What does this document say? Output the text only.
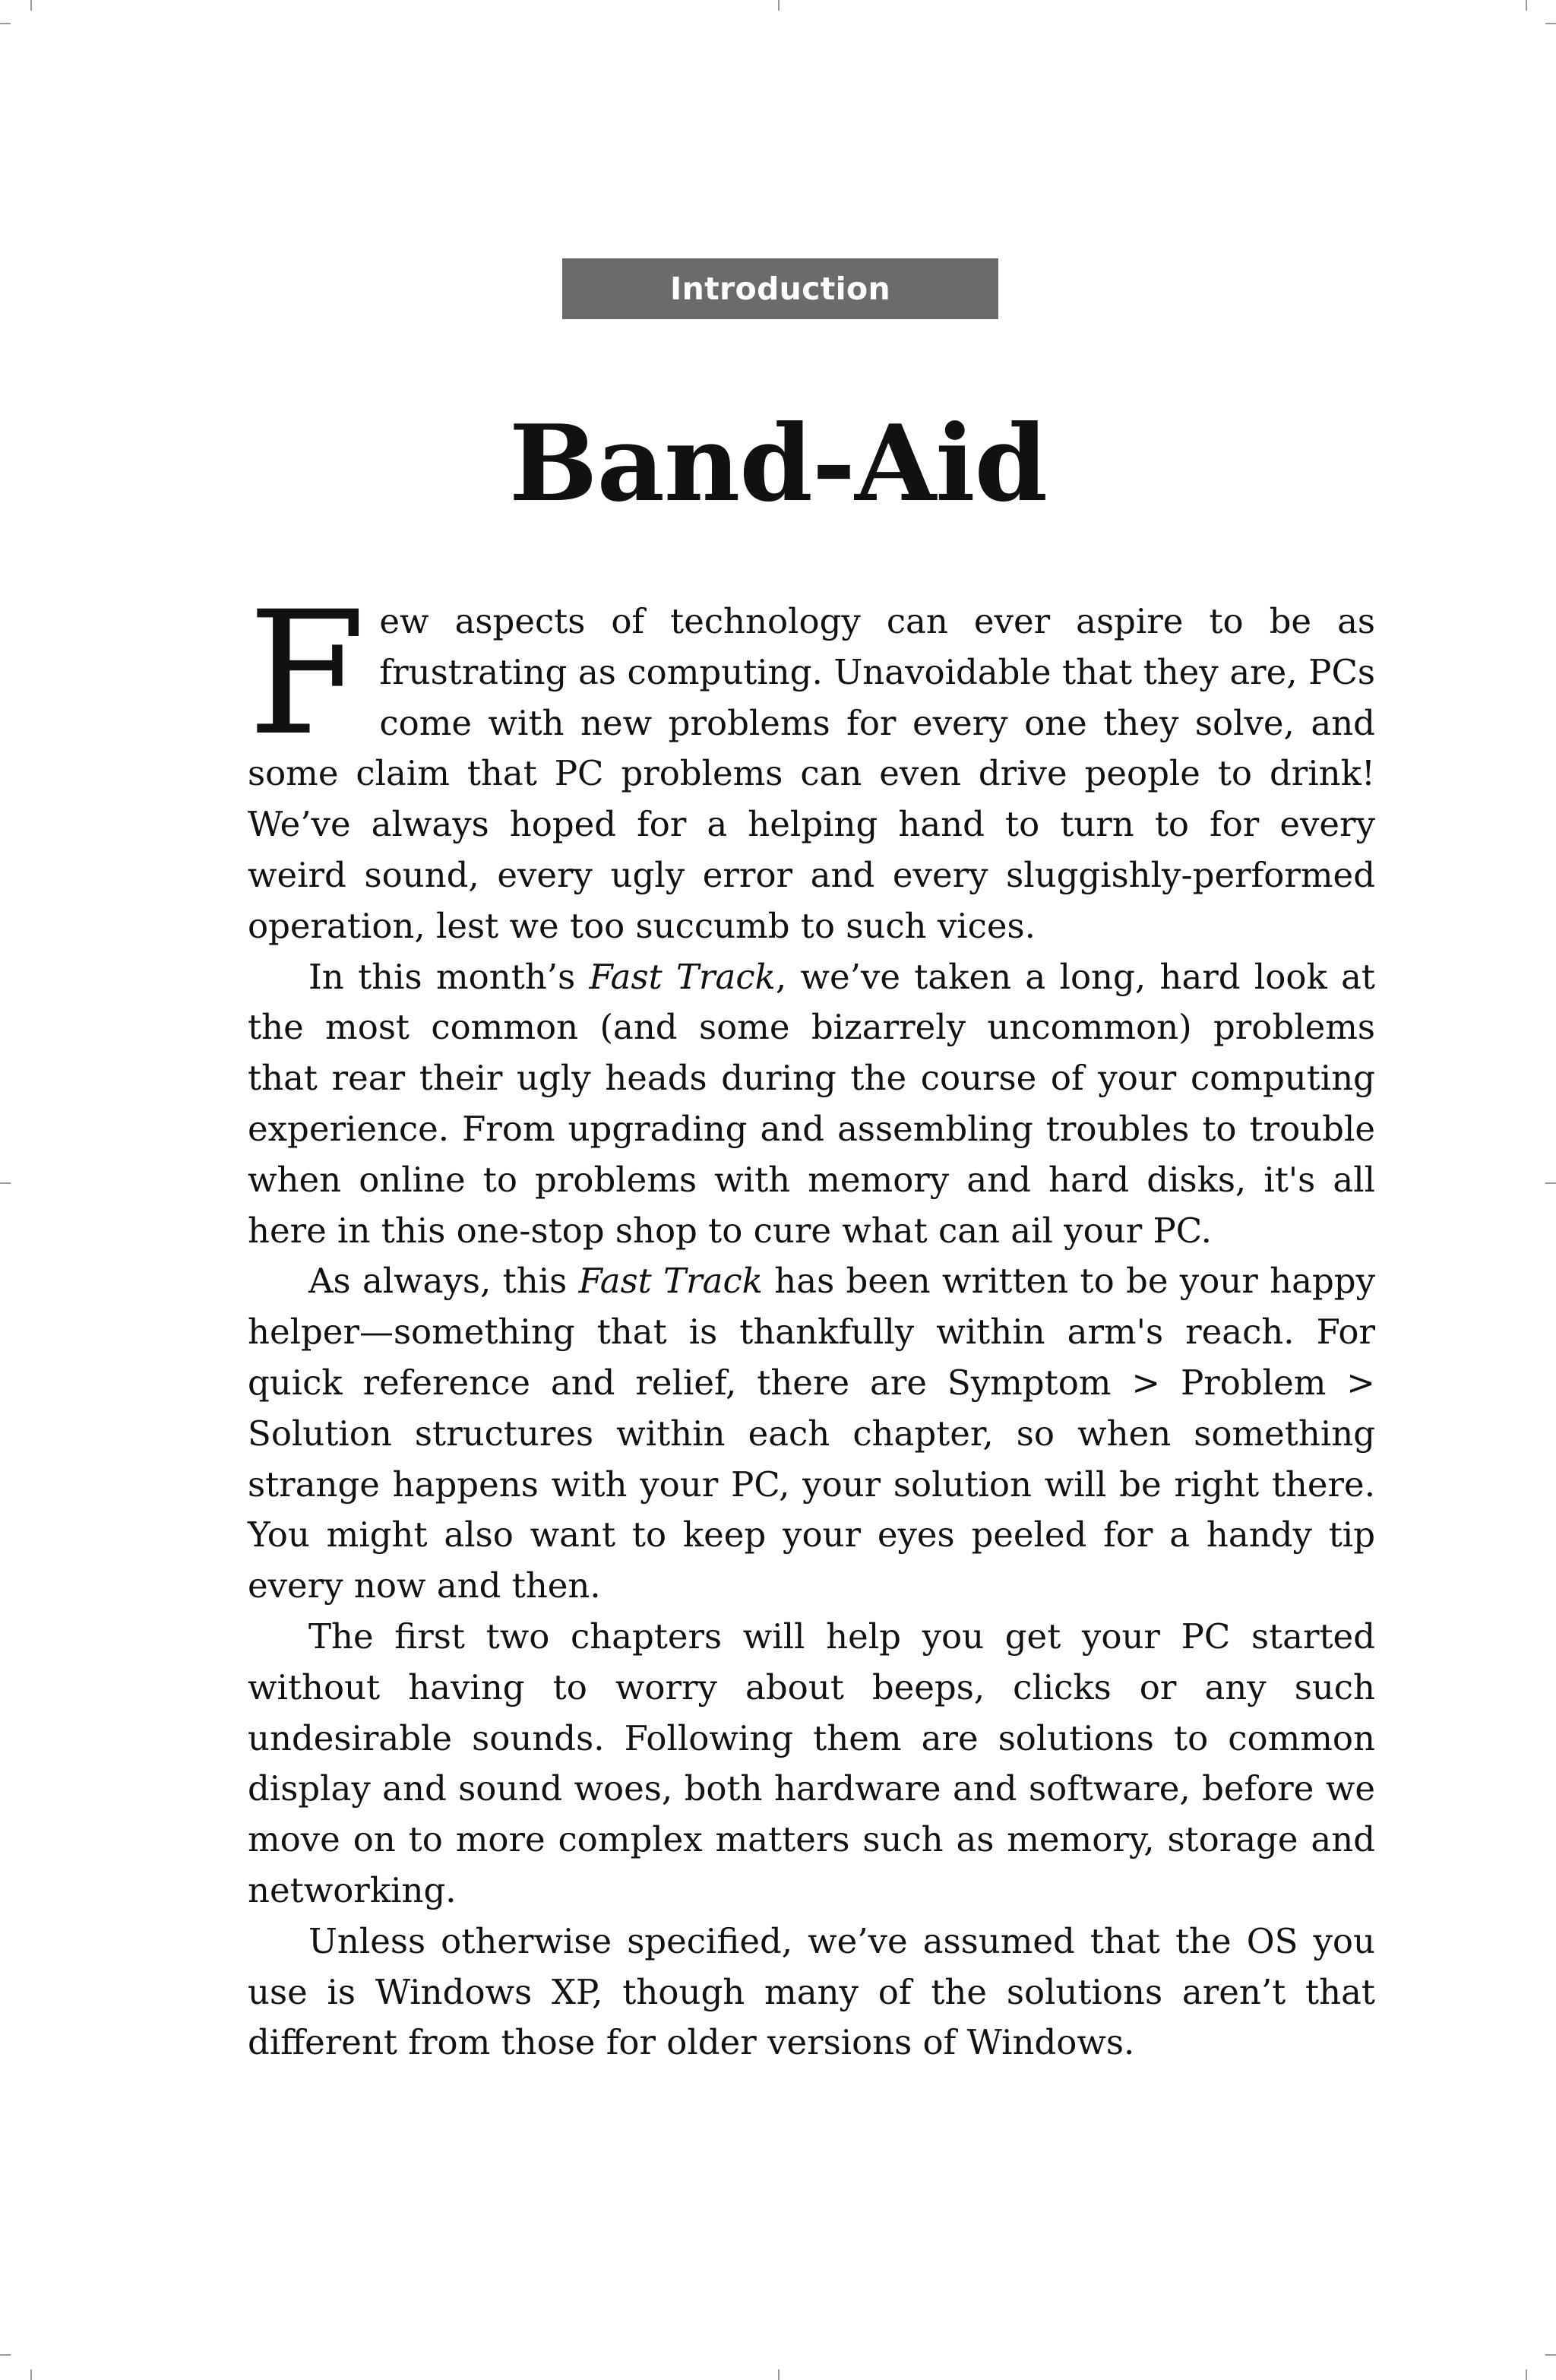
Introduction
Band-Aid

Few aspects of technology can ever aspire to be as frustrating as computing. Unavoidable that they are, PCs come with new problems for every one they solve, and some claim that PC problems can even drive people to drink! We’ve always hoped for a helping hand to turn to for every weird sound, every ugly error and every sluggishly-performed operation, lest we too succumb to such vices.

In this month’s Fast Track, we’ve taken a long, hard look at the most common (and some bizarrely uncommon) problems that rear their ugly heads during the course of your computing experience. From upgrading and assembling troubles to trouble when online to problems with memory and hard disks, it's all here in this one-stop shop to cure what can ail your PC.

As always, this Fast Track has been written to be your happy helper—something that is thankfully within arm's reach. For quick reference and relief, there are Symptom > Problem > Solution structures within each chapter, so when something strange happens with your PC, your solution will be right there. You might also want to keep your eyes peeled for a handy tip every now and then.

The first two chapters will help you get your PC started without having to worry about beeps, clicks or any such undesirable sounds. Following them are solutions to common display and sound woes, both hardware and software, before we move on to more complex matters such as memory, storage and networking.

Unless otherwise specified, we’ve assumed that the OS you use is Windows XP, though many of the solutions aren’t that different from those for older versions of Windows.
